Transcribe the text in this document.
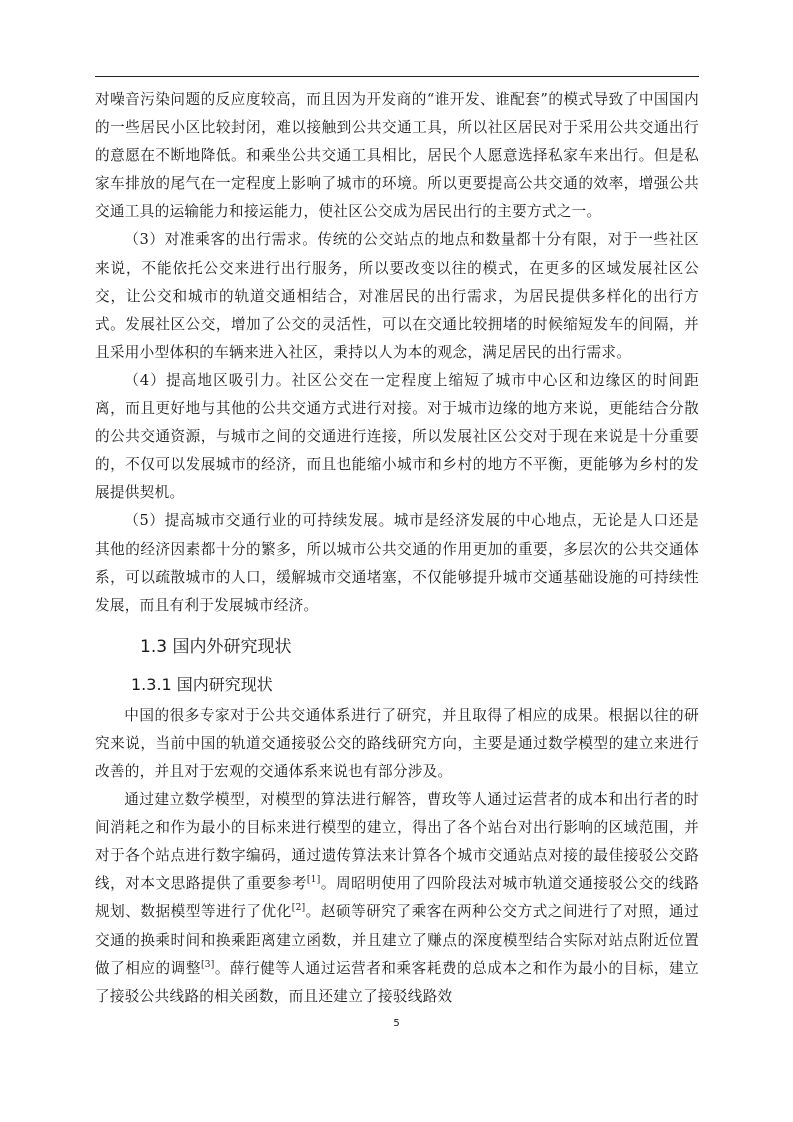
对噪音污染问题的反应度较高，而且因为开发商的“谁开发、谁配套”的模式导致了中国国内的一些居民小区比较封闭，难以接触到公共交通工具，所以社区居民对于采用公共交通出行的意愿在不断地降低。和乘坐公共交通工具相比，居民个人愿意选择私家车来出行。但是私家车排放的尾气在一定程度上影响了城市的环境。所以更要提高公共交通的效率，增强公共交通工具的运输能力和接运能力，使社区公交成为居民出行的主要方式之一。

（3）对准乘客的出行需求。传统的公交站点的地点和数量都十分有限，对于一些社区来说，不能依托公交来进行出行服务，所以要改变以往的模式，在更多的区域发展社区公交，让公交和城市的轨道交通相结合，对准居民的出行需求，为居民提供多样化的出行方式。发展社区公交，增加了公交的灵活性，可以在交通比较拥堵的时候缩短发车的间隔，并且采用小型体积的车辆来进入社区，秉持以人为本的观念，满足居民的出行需求。

（4）提高地区吸引力。社区公交在一定程度上缩短了城市中心区和边缘区的时间距离，而且更好地与其他的公共交通方式进行对接。对于城市边缘的地方来说，更能结合分散的公共交通资源，与城市之间的交通进行连接，所以发展社区公交对于现在来说是十分重要的，不仅可以发展城市的经济，而且也能缩小城市和乡村的地方不平衡，更能够为乡村的发展提供契机。

（5）提高城市交通行业的可持续发展。城市是经济发展的中心地点，无论是人口还是其他的经济因素都十分的繁多，所以城市公共交通的作用更加的重要，多层次的公共交通体系，可以疏散城市的人口，缓解城市交通堵塞，不仅能够提升城市交通基础设施的可持续性发展，而且有利于发展城市经济。

1.3 国内外研究现状
1.3.1 国内研究现状

中国的很多专家对于公共交通体系进行了研究，并且取得了相应的成果。根据以往的研究来说，当前中国的轨道交通接驳公交的路线研究方向，主要是通过数学模型的建立来进行改善的，并且对于宏观的交通体系来说也有部分涉及。

通过建立数学模型，对模型的算法进行解答，曹玫等人通过运营者的成本和出行者的时间消耗之和作为最小的目标来进行模型的建立，得出了各个站台对出行影响的区域范围，并对于各个站点进行数字编码，通过遗传算法来计算各个城市交通站点对接的最佳接驳公交路线，对本文思路提供了重要参考[1]。周昭明使用了四阶段法对城市轨道交通接驳公交的线路规划、数据模型等进行了优化[2]。赵硕等研究了乘客在两种公交方式之间进行了对照，通过交通的换乘时间和换乘距离建立函数，并且建立了赚点的深度模型结合实际对站点附近位置做了相应的调整[3]。薛行健等人通过运营者和乘客耗费的总成本之和作为最小的目标，建立了接驳公共线路的相关函数，而且还建立了接驳线路效

5
